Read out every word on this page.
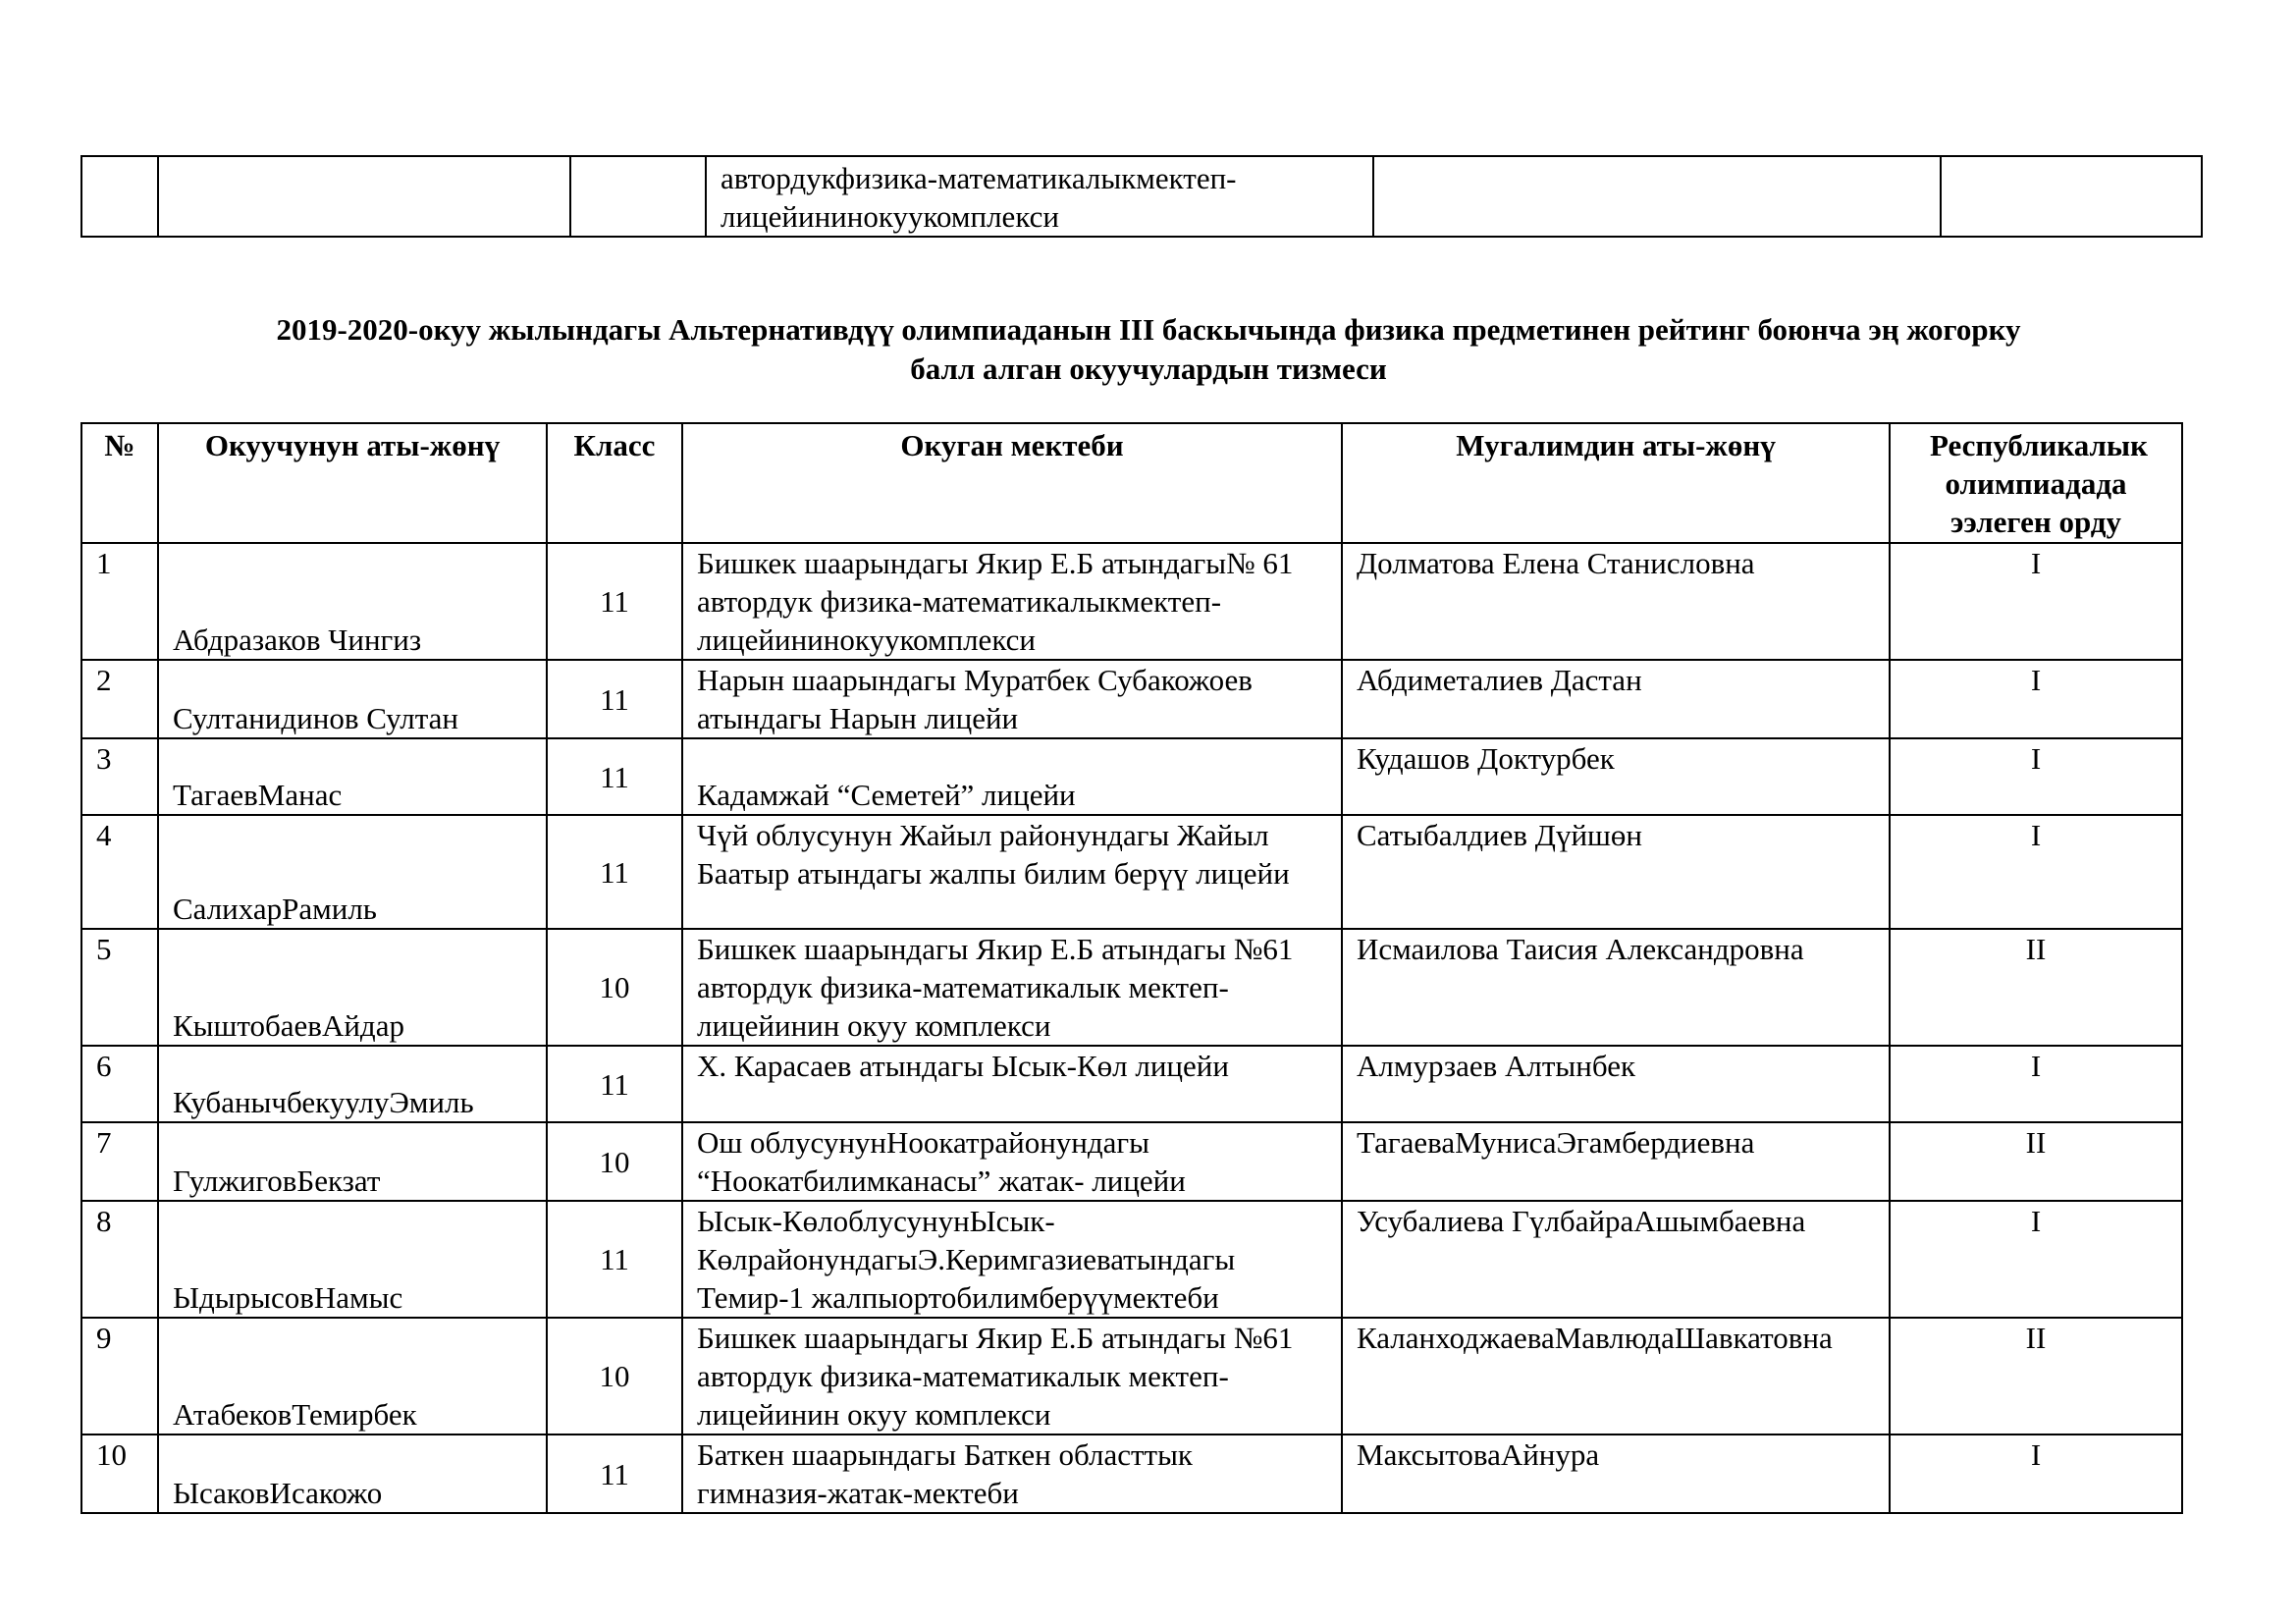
			автордукфизика-математикалыкмектеп-лицейининокуукомплекси		
2019-2020-окуу жылындагы Альтернативдүү олимпиаданын III баскычында физика предметинен рейтинг боюнча эң жогорку
балл алган окуучулардын тизмеси
№	Окуучунун аты-жөнү	Класс	Окуган мектеби	Мугалимдин аты-жөнү	Республикалык олимпиадада ээлеген орду
1	Абдразаков Чингиз	11	Бишкек шаарындагы Якир Е.Б атындагы№ 61 автордук физика-математикалыкмектеп-лицейининокуукомплекси	Долматова Елена Станисловна	I
2	Султанидинов Султан	11	Нарын шаарындагы Муратбек Субакожоев атындагы Нарын лицейи	Абдиметалиев Дастан	I
3	ТагаевМанас	11	Кадамжай “Семетей” лицейи	Кудашов Доктурбек	I
4	СалихарРамиль	11	Чүй облусунун Жайыл районундагы Жайыл Баатыр атындагы жалпы билим берүү лицейи	Сатыбалдиев Дүйшөн	I
5	КыштобаевАйдар	10	Бишкек шаарындагы Якир Е.Б атындагы №61 автордук физика-математикалык мектеп-лицейинин окуу комплекси	Исмаилова Таисия Александровна	II
6	КубанычбекуулуЭмиль	11	Х. Карасаев атындагы Ысык-Көл лицейи	Алмурзаев Алтынбек	I
7	ГулжиговБекзат	10	Ош облусунунНоокатрайонундагы “Ноокатбилимканасы” жатак- лицейи	ТагаеваМунисаЭгамбердиевна	II
8	ЫдырысовНамыс	11	Ысык-КөлоблусунунЫсык-КөлрайонундагыЭ.Керимгазиеватындагы Темир-1 жалпыортобилимберүүмектеби	Усубалиева ГүлбайраАшымбаевна	I
9	АтабековТемирбек	10	Бишкек шаарындагы Якир Е.Б атындагы №61 автордук физика-математикалык мектеп-лицейинин окуу комплекси	КаланходжаеваМавлюдаШавкатовна	II
10	ЫсаковИсакожо	11	Баткен шаарындагы Баткен областтык гимназия-жатак-мектеби	МаксытоваАйнура	I
